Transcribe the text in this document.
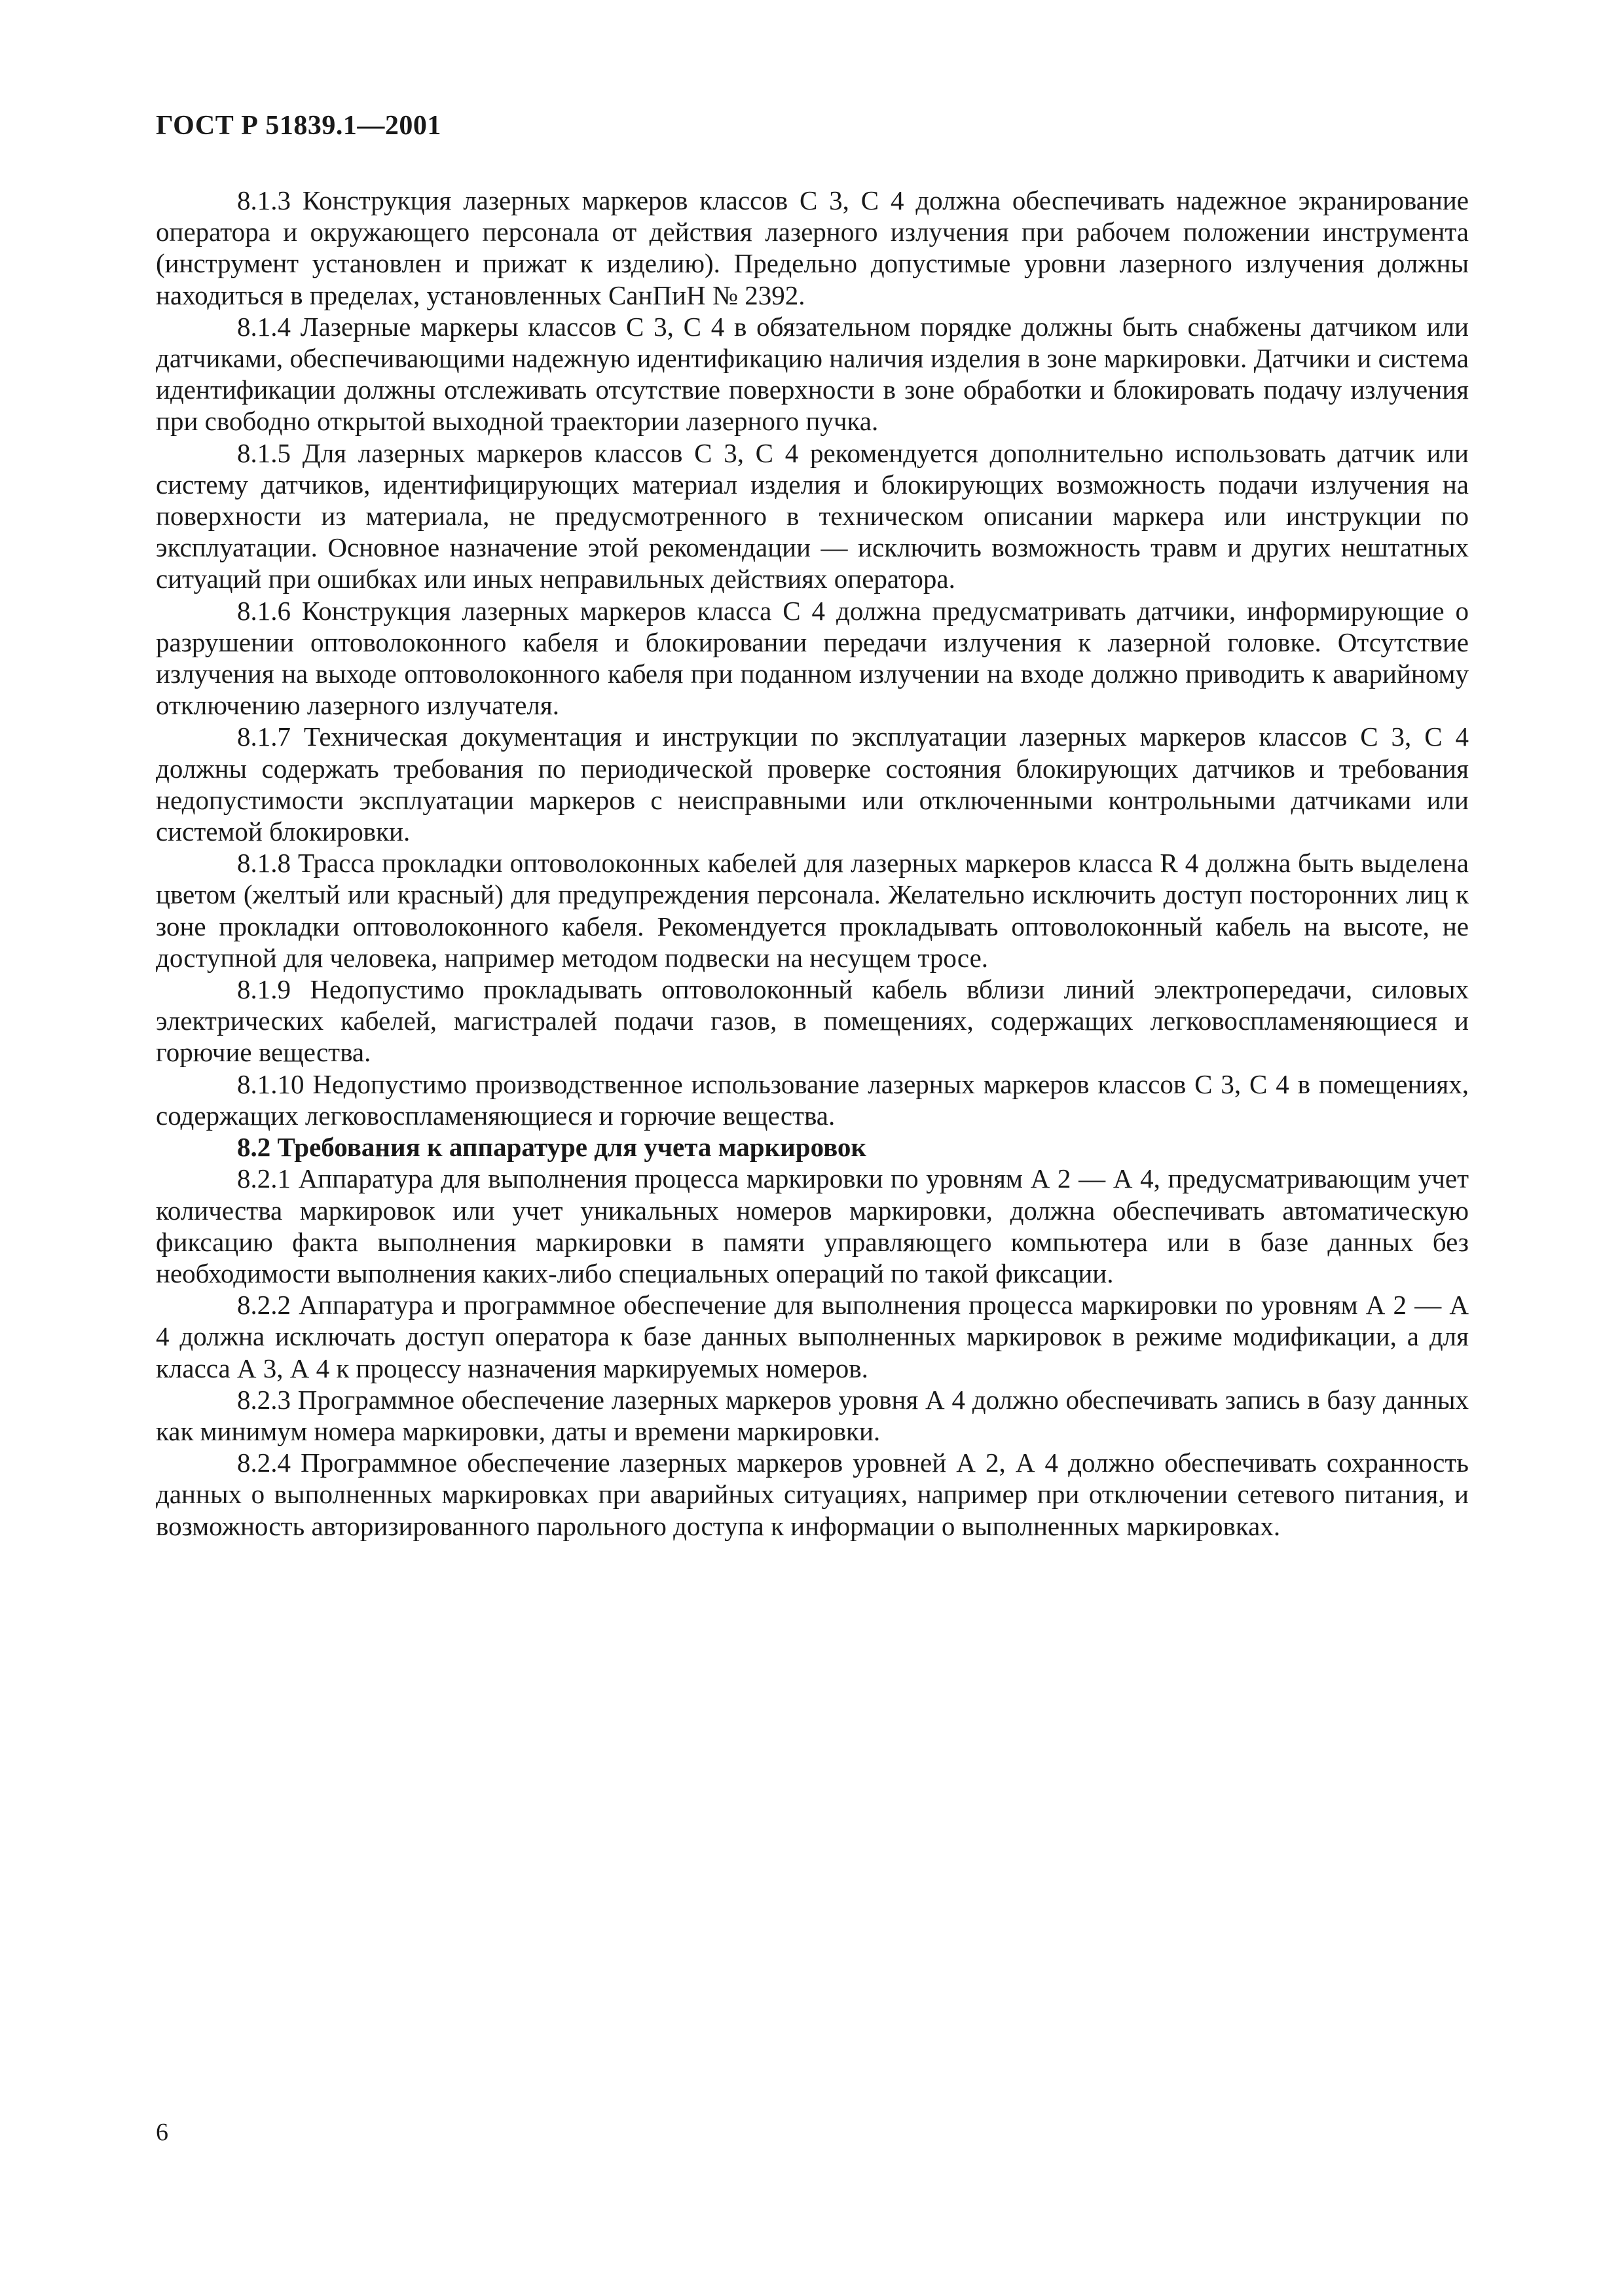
ГОСТ Р 51839.1—2001

8.1.3 Конструкция лазерных маркеров классов С 3, С 4 должна обеспечивать надежное экранирование оператора и окружающего персонала от действия лазерного излучения при рабочем положении инструмента (инструмент установлен и прижат к изделию). Предельно допустимые уровни лазерного излучения должны находиться в пределах, установленных СанПиН № 2392.

8.1.4 Лазерные маркеры классов С 3, С 4 в обязательном порядке должны быть снабжены датчиком или датчиками, обеспечивающими надежную идентификацию наличия изделия в зоне маркировки. Датчики и система идентификации должны отслеживать отсутствие поверхности в зоне обработки и блокировать подачу излучения при свободно открытой выходной траектории лазерного пучка.

8.1.5 Для лазерных маркеров классов С 3, С 4 рекомендуется дополнительно использовать датчик или систему датчиков, идентифицирующих материал изделия и блокирующих возможность подачи излучения на поверхности из материала, не предусмотренного в техническом описании маркера или инструкции по эксплуатации. Основное назначение этой рекомендации — исключить возможность травм и других нештатных ситуаций при ошибках или иных неправильных действиях оператора.

8.1.6 Конструкция лазерных маркеров класса С 4 должна предусматривать датчики, информирующие о разрушении оптоволоконного кабеля и блокировании передачи излучения к лазерной головке. Отсутствие излучения на выходе оптоволоконного кабеля при поданном излучении на входе должно приводить к аварийному отключению лазерного излучателя.

8.1.7 Техническая документация и инструкции по эксплуатации лазерных маркеров классов С 3, С 4 должны содержать требования по периодической проверке состояния блокирующих датчиков и требования недопустимости эксплуатации маркеров с неисправными или отключенными контрольными датчиками или системой блокировки.

8.1.8 Трасса прокладки оптоволоконных кабелей для лазерных маркеров класса R 4 должна быть выделена цветом (желтый или красный) для предупреждения персонала. Желательно исключить доступ посторонних лиц к зоне прокладки оптоволоконного кабеля. Рекомендуется прокладывать оптоволоконный кабель на высоте, не доступной для человека, например методом подвески на несущем тросе.

8.1.9 Недопустимо прокладывать оптоволоконный кабель вблизи линий электропередачи, силовых электрических кабелей, магистралей подачи газов, в помещениях, содержащих легковоспламеняющиеся и горючие вещества.

8.1.10 Недопустимо производственное использование лазерных маркеров классов С 3, С 4 в помещениях, содержащих легковоспламеняющиеся и горючие вещества.

8.2 Требования к аппаратуре для учета маркировок

8.2.1 Аппаратура для выполнения процесса маркировки по уровням А 2 — А 4, предусматривающим учет количества маркировок или учет уникальных номеров маркировки, должна обеспечивать автоматическую фиксацию факта выполнения маркировки в памяти управляющего компьютера или в базе данных без необходимости выполнения каких-либо специальных операций по такой фиксации.

8.2.2 Аппаратура и программное обеспечение для выполнения процесса маркировки по уровням А 2 — А 4 должна исключать доступ оператора к базе данных выполненных маркировок в режиме модификации, а для класса А 3, А 4 к процессу назначения маркируемых номеров.

8.2.3 Программное обеспечение лазерных маркеров уровня А 4 должно обеспечивать запись в базу данных как минимум номера маркировки, даты и времени маркировки.

8.2.4 Программное обеспечение лазерных маркеров уровней А 2, А 4 должно обеспечивать сохранность данных о выполненных маркировках при аварийных ситуациях, например при отключении сетевого питания, и возможность авторизированного парольного доступа к информации о выполненных маркировках.

6
